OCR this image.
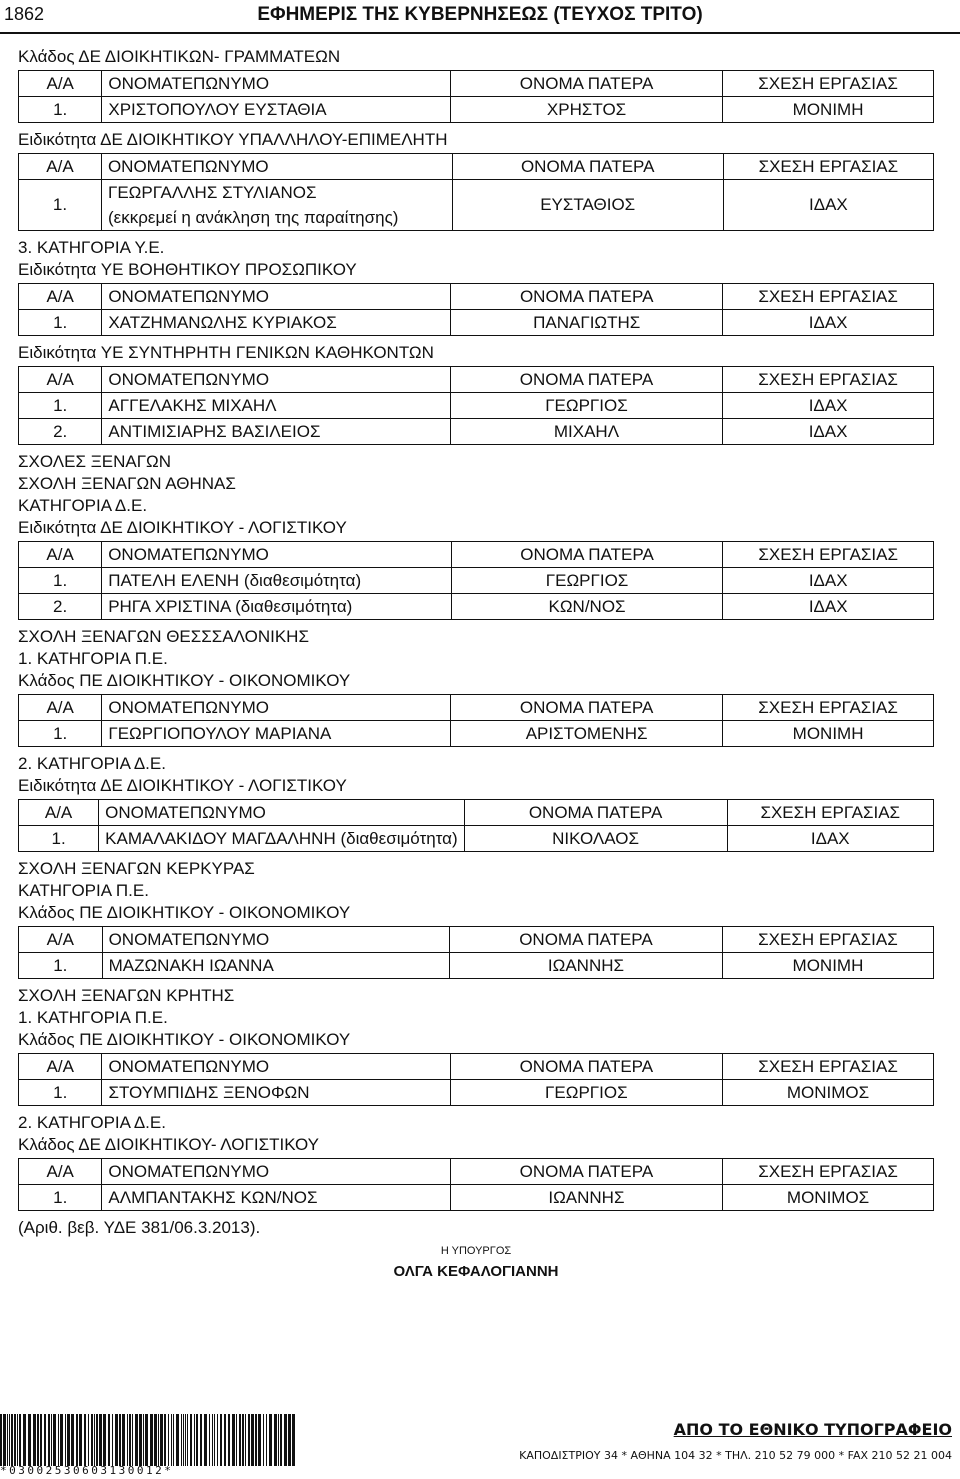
1862	ΕΦΗΜΕΡΙΣ ΤΗΣ ΚΥΒΕΡΝΗΣΕΩΣ (ΤΕΥΧΟΣ ΤΡΙΤΟ)
Κλάδος ΔΕ ΔΙΟΙΚΗΤΙΚΩΝ- ΓΡΑΜΜΑΤΕΩΝ
Α/Α	ΟΝΟΜΑΤΕΠΩΝΥΜΟ	ΟΝΟΜΑ ΠΑΤΕΡΑ	ΣΧΕΣΗ ΕΡΓΑΣΙΑΣ
1.	ΧΡΙΣΤΟΠΟΥΛΟΥ ΕΥΣΤΑΘΙΑ	ΧΡΗΣΤΟΣ	ΜΟΝΙΜΗ
Ειδικότητα ΔΕ ΔΙΟΙΚΗΤΙΚΟΥ ΥΠΑΛΛΗΛΟΥ-ΕΠΙΜΕΛΗΤΗ
Α/Α	ΟΝΟΜΑΤΕΠΩΝΥΜΟ	ΟΝΟΜΑ ΠΑΤΕΡΑ	ΣΧΕΣΗ ΕΡΓΑΣΙΑΣ
1.	ΓΕΩΡΓΑΛΛΗΣ ΣΤΥΛΙΑΝΟΣ	ΕΥΣΤΑΘΙΟΣ	ΙΔΑΧ
	(εκκρεμεί η ανάκληση της παραίτησης)		
3. ΚΑΤΗΓΟΡΙΑ Υ.Ε.
Ειδικότητα ΥΕ ΒΟΗΘΗΤΙΚΟΥ ΠΡΟΣΩΠΙΚΟΥ
Α/Α	ΟΝΟΜΑΤΕΠΩΝΥΜΟ	ΟΝΟΜΑ ΠΑΤΕΡΑ	ΣΧΕΣΗ ΕΡΓΑΣΙΑΣ
1.	ΧΑΤΖΗΜΑΝΩΛΗΣ ΚΥΡΙΑΚΟΣ	ΠΑΝΑΓΙΩΤΗΣ	ΙΔΑΧ
Ειδικότητα ΥΕ ΣΥΝΤΗΡΗΤΗ ΓΕΝΙΚΩΝ ΚΑΘΗΚΟΝΤΩΝ
Α/Α	ΟΝΟΜΑΤΕΠΩΝΥΜΟ	ΟΝΟΜΑ ΠΑΤΕΡΑ	ΣΧΕΣΗ ΕΡΓΑΣΙΑΣ
1.	ΑΓΓΕΛΑΚΗΣ ΜΙΧΑΗΛ	ΓΕΩΡΓΙΟΣ	ΙΔΑΧ
2.	ΑΝΤΙΜΙΣΙΑΡΗΣ ΒΑΣΙΛΕΙΟΣ	ΜΙΧΑΗΛ	ΙΔΑΧ
ΣΧΟΛΕΣ ΞΕΝΑΓΩΝ
ΣΧΟΛΗ ΞΕΝΑΓΩΝ ΑΘΗΝΑΣ
ΚΑΤΗΓΟΡΙΑ Δ.Ε.
Ειδικότητα ΔΕ ΔΙΟΙΚΗΤΙΚΟΥ - ΛΟΓΙΣΤΙΚΟΥ
Α/Α	ΟΝΟΜΑΤΕΠΩΝΥΜΟ	ΟΝΟΜΑ ΠΑΤΕΡΑ	ΣΧΕΣΗ ΕΡΓΑΣΙΑΣ
1.	ΠΑΤΕΛΗ ΕΛΕΝΗ (διαθεσιμότητα)	ΓΕΩΡΓΙΟΣ	ΙΔΑΧ
2.	ΡΗΓΑ ΧΡΙΣΤΙΝΑ (διαθεσιμότητα)	ΚΩΝ/ΝΟΣ	ΙΔΑΧ
ΣΧΟΛΗ ΞΕΝΑΓΩΝ ΘΕΣΣΣΑΛΟΝΙΚΗΣ
1. ΚΑΤΗΓΟΡΙΑ Π.Ε.
Κλάδος ΠΕ ΔΙΟΙΚΗΤΙΚΟΥ - ΟΙΚΟΝΟΜΙΚΟΥ
Α/Α	ΟΝΟΜΑΤΕΠΩΝΥΜΟ	ΟΝΟΜΑ ΠΑΤΕΡΑ	ΣΧΕΣΗ ΕΡΓΑΣΙΑΣ
1.	ΓΕΩΡΓΙΟΠΟΥΛΟΥ ΜΑΡΙΑΝΑ	ΑΡΙΣΤΟΜΕΝΗΣ	ΜΟΝΙΜΗ
2. ΚΑΤΗΓΟΡΙΑ Δ.Ε.
Ειδικότητα ΔΕ ΔΙΟΙΚΗΤΙΚΟΥ - ΛΟΓΙΣΤΙΚΟΥ
Α/Α	ΟΝΟΜΑΤΕΠΩΝΥΜΟ	ΟΝΟΜΑ ΠΑΤΕΡΑ	ΣΧΕΣΗ ΕΡΓΑΣΙΑΣ
1.	ΚΑΜΑΛΑΚΙΔΟΥ ΜΑΓΔΑΛΗΝΗ (διαθεσιμότητα)	ΝΙΚΟΛΑΟΣ	ΙΔΑΧ
ΣΧΟΛΗ ΞΕΝΑΓΩΝ ΚΕΡΚΥΡΑΣ
ΚΑΤΗΓΟΡΙΑ Π.Ε.
Κλάδος ΠΕ ΔΙΟΙΚΗΤΙΚΟΥ - ΟΙΚΟΝΟΜΙΚΟΥ
Α/Α	ΟΝΟΜΑΤΕΠΩΝΥΜΟ	ΟΝΟΜΑ ΠΑΤΕΡΑ	ΣΧΕΣΗ ΕΡΓΑΣΙΑΣ
1.	ΜΑΖΩΝΑΚΗ ΙΩΑΝΝΑ	ΙΩΑΝΝΗΣ	ΜΟΝΙΜΗ
ΣΧΟΛΗ ΞΕΝΑΓΩΝ ΚΡΗΤΗΣ
1. ΚΑΤΗΓΟΡΙΑ Π.Ε.
Κλάδος ΠΕ ΔΙΟΙΚΗΤΙΚΟΥ - ΟΙΚΟΝΟΜΙΚΟΥ
Α/Α	ΟΝΟΜΑΤΕΠΩΝΥΜΟ	ΟΝΟΜΑ ΠΑΤΕΡΑ	ΣΧΕΣΗ ΕΡΓΑΣΙΑΣ
1.	ΣΤΟΥΜΠΙΔΗΣ ΞΕΝΟΦΩΝ	ΓΕΩΡΓΙΟΣ	ΜΟΝΙΜΟΣ
2. ΚΑΤΗΓΟΡΙΑ Δ.Ε.
Κλάδος ΔΕ ΔΙΟΙΚΗΤΙΚΟΥ- ΛΟΓΙΣΤΙΚΟΥ
Α/Α	ΟΝΟΜΑΤΕΠΩΝΥΜΟ	ΟΝΟΜΑ ΠΑΤΕΡΑ	ΣΧΕΣΗ ΕΡΓΑΣΙΑΣ
1.	ΑΛΜΠΑΝΤΑΚΗΣ ΚΩΝ/ΝΟΣ	ΙΩΑΝΝΗΣ	ΜΟΝΙΜΟΣ
(Αριθ. βεβ. ΥΔΕ 381/06.3.2013).
Η ΥΠΟΥΡΓΟΣ
ΟΛΓΑ ΚΕΦΑΛΟΓΙΑΝΝΗ
*03002530603130012*
ΑΠΟ ΤΟ ΕΘΝΙΚΟ ΤΥΠΟΓΡΑΦΕΙΟ
ΚΑΠΟΔΙΣΤΡΙΟΥ 34 * ΑΘΗΝΑ 104 32 * ΤΗΛ. 210 52 79 000 * FAX 210 52 21 004
